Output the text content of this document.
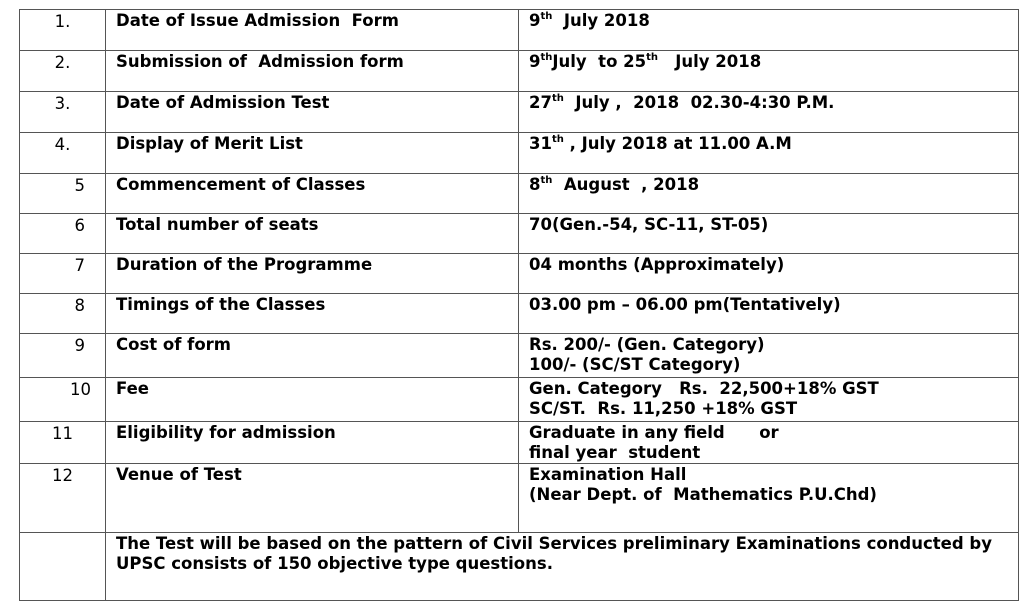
1.	Date of Issue Admission  Form	9th  July 2018
2.	Submission of  Admission form	9thJuly  to 25th   July 2018
3.	Date of Admission Test	27th  July ,  2018  02.30-4:30 P.M.
4.	Display of Merit List	31th , July 2018 at 11.00 A.M
5	Commencement of Classes	8th  August  , 2018
6	Total number of seats	70(Gen.-54, SC-11, ST-05)
7	Duration of the Programme	04 months (Approximately)
8	Timings of the Classes	03.00 pm – 06.00 pm(Tentatively)
9	Cost of form	Rs. 200/- (Gen. Category)
100/- (SC/ST Category)

10	Fee	Gen. Category   Rs.  22,500+18% GST
SC/ST.  Rs. 11,250 +18% GST

11	Eligibility for admission	Graduate in any field      or
final year  student

12	Venue of Test	Examination Hall
(Near Dept. of  Mathematics P.U.Chd)

	The Test will be based on the pattern of Civil Services preliminary Examinations conducted by UPSC consists of 150 objective type questions.	
